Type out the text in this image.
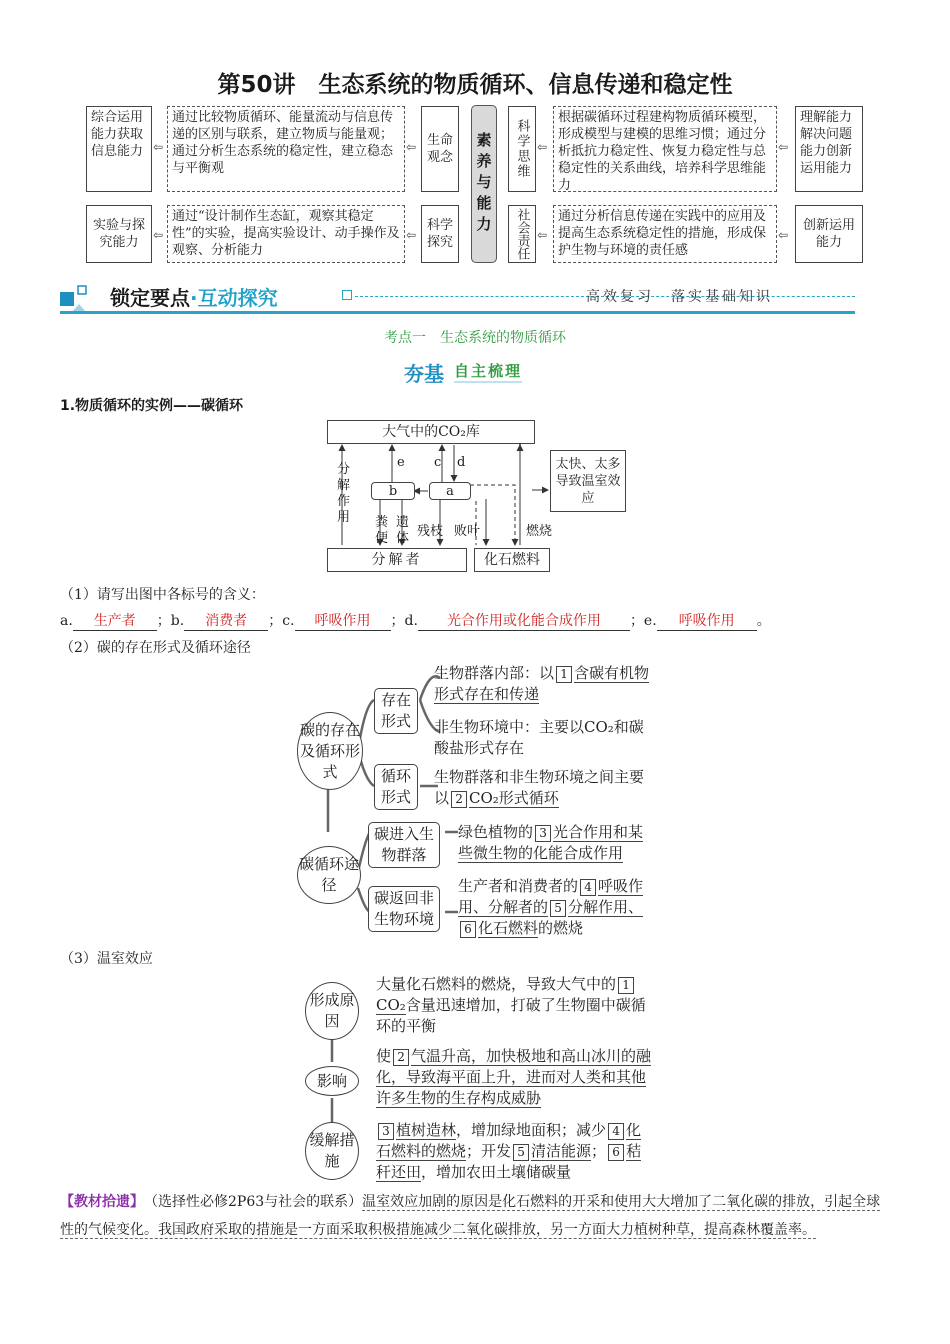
第50讲　生态系统的物质循环、信息传递和稳定性
综合运用能力获取信息能力 ⇦
通过比较物质循环、能量流动与信息传递的区别与联系，建立物质与能量观；通过分析生态系统的稳定性，建立稳态与平衡观
⇦ 生命观念	素养与能力	科学思维 ⇦
根据碳循环过程建构物质循环模型，形成模型与建模的思维习惯；通过分析抵抗力稳定性、恢复力稳定性与总稳定性的关系曲线，培养科学思维能力
⇦
理解能力解决问题能力创新运用能力
实验与探究能力	⇦
通过“设计制作生态缸，观察其稳定性”的实验，提高实验设计、动手操作及观察、分析能力
⇦
科学探究	社会责任 ⇦
通过分析信息传递在实践中的应用及提高生态系统稳定性的措施，形成保护生物与环境的责任感
⇦
创新运用能力
锁定要点·互动探究	高效复习　落实基础知识
考点一　生态系统的物质循环
夯基 自主梳理
1.物质循环的实例——碳循环
大气中的CO₂库
太快、太多导致温室效应
b	a
e c d
分解作用 粪便
遗体 残枝 败叶	燃烧
分解者	化石燃料
（1）请写出图中各标号的含义：
a. 生产者 ；b. 消费者 ；c. 呼吸作用 ；d. 光合作用或化能合成作用 ；e. 呼吸作用 。
（2）碳的存在形式及循环途径
碳的存在及循环形式
存在形式
生物群落内部：以 1 含碳有机物形式存在和传递
非生物环境中：主要以CO₂和碳酸盐形式存在
循环形式
生物群落和非生物环境之间主要以 2 CO₂形式循环
碳循环途径
碳进入生物群落
绿色植物的 3 光合作用和某些微生物的化能合成作用
碳返回非生物环境
生产者和消费者的 4 呼吸作用、分解者的 5 分解作用、6 化石燃料的燃烧
（3）温室效应
形成原因
大量化石燃料的燃烧，导致大气中的 1CO₂含量迅速增加，打破了生物圈中碳循环的平衡
影响
使 2 气温升高，加快极地和高山冰川的融化，导致海平面上升，进而对人类和其他许多生物的生存构成威胁
缓解措施
3 植树造林，增加绿地面积；减少 4 化石燃料的燃烧；开发 5 清洁能源； 6 秸秆还田，增加农田土壤储碳量
【教材拾遗】　 （选择性必修2P63与社会的联系）温室效应加剧的原因是化石燃料的开采和使用大大增加了二氧化碳的排放，引起全球性的气候变化。我国政府采取的措施是一方面采取积极措施减少二氧化碳排放，另一方面大力植树种草，提高森林覆盖率。
